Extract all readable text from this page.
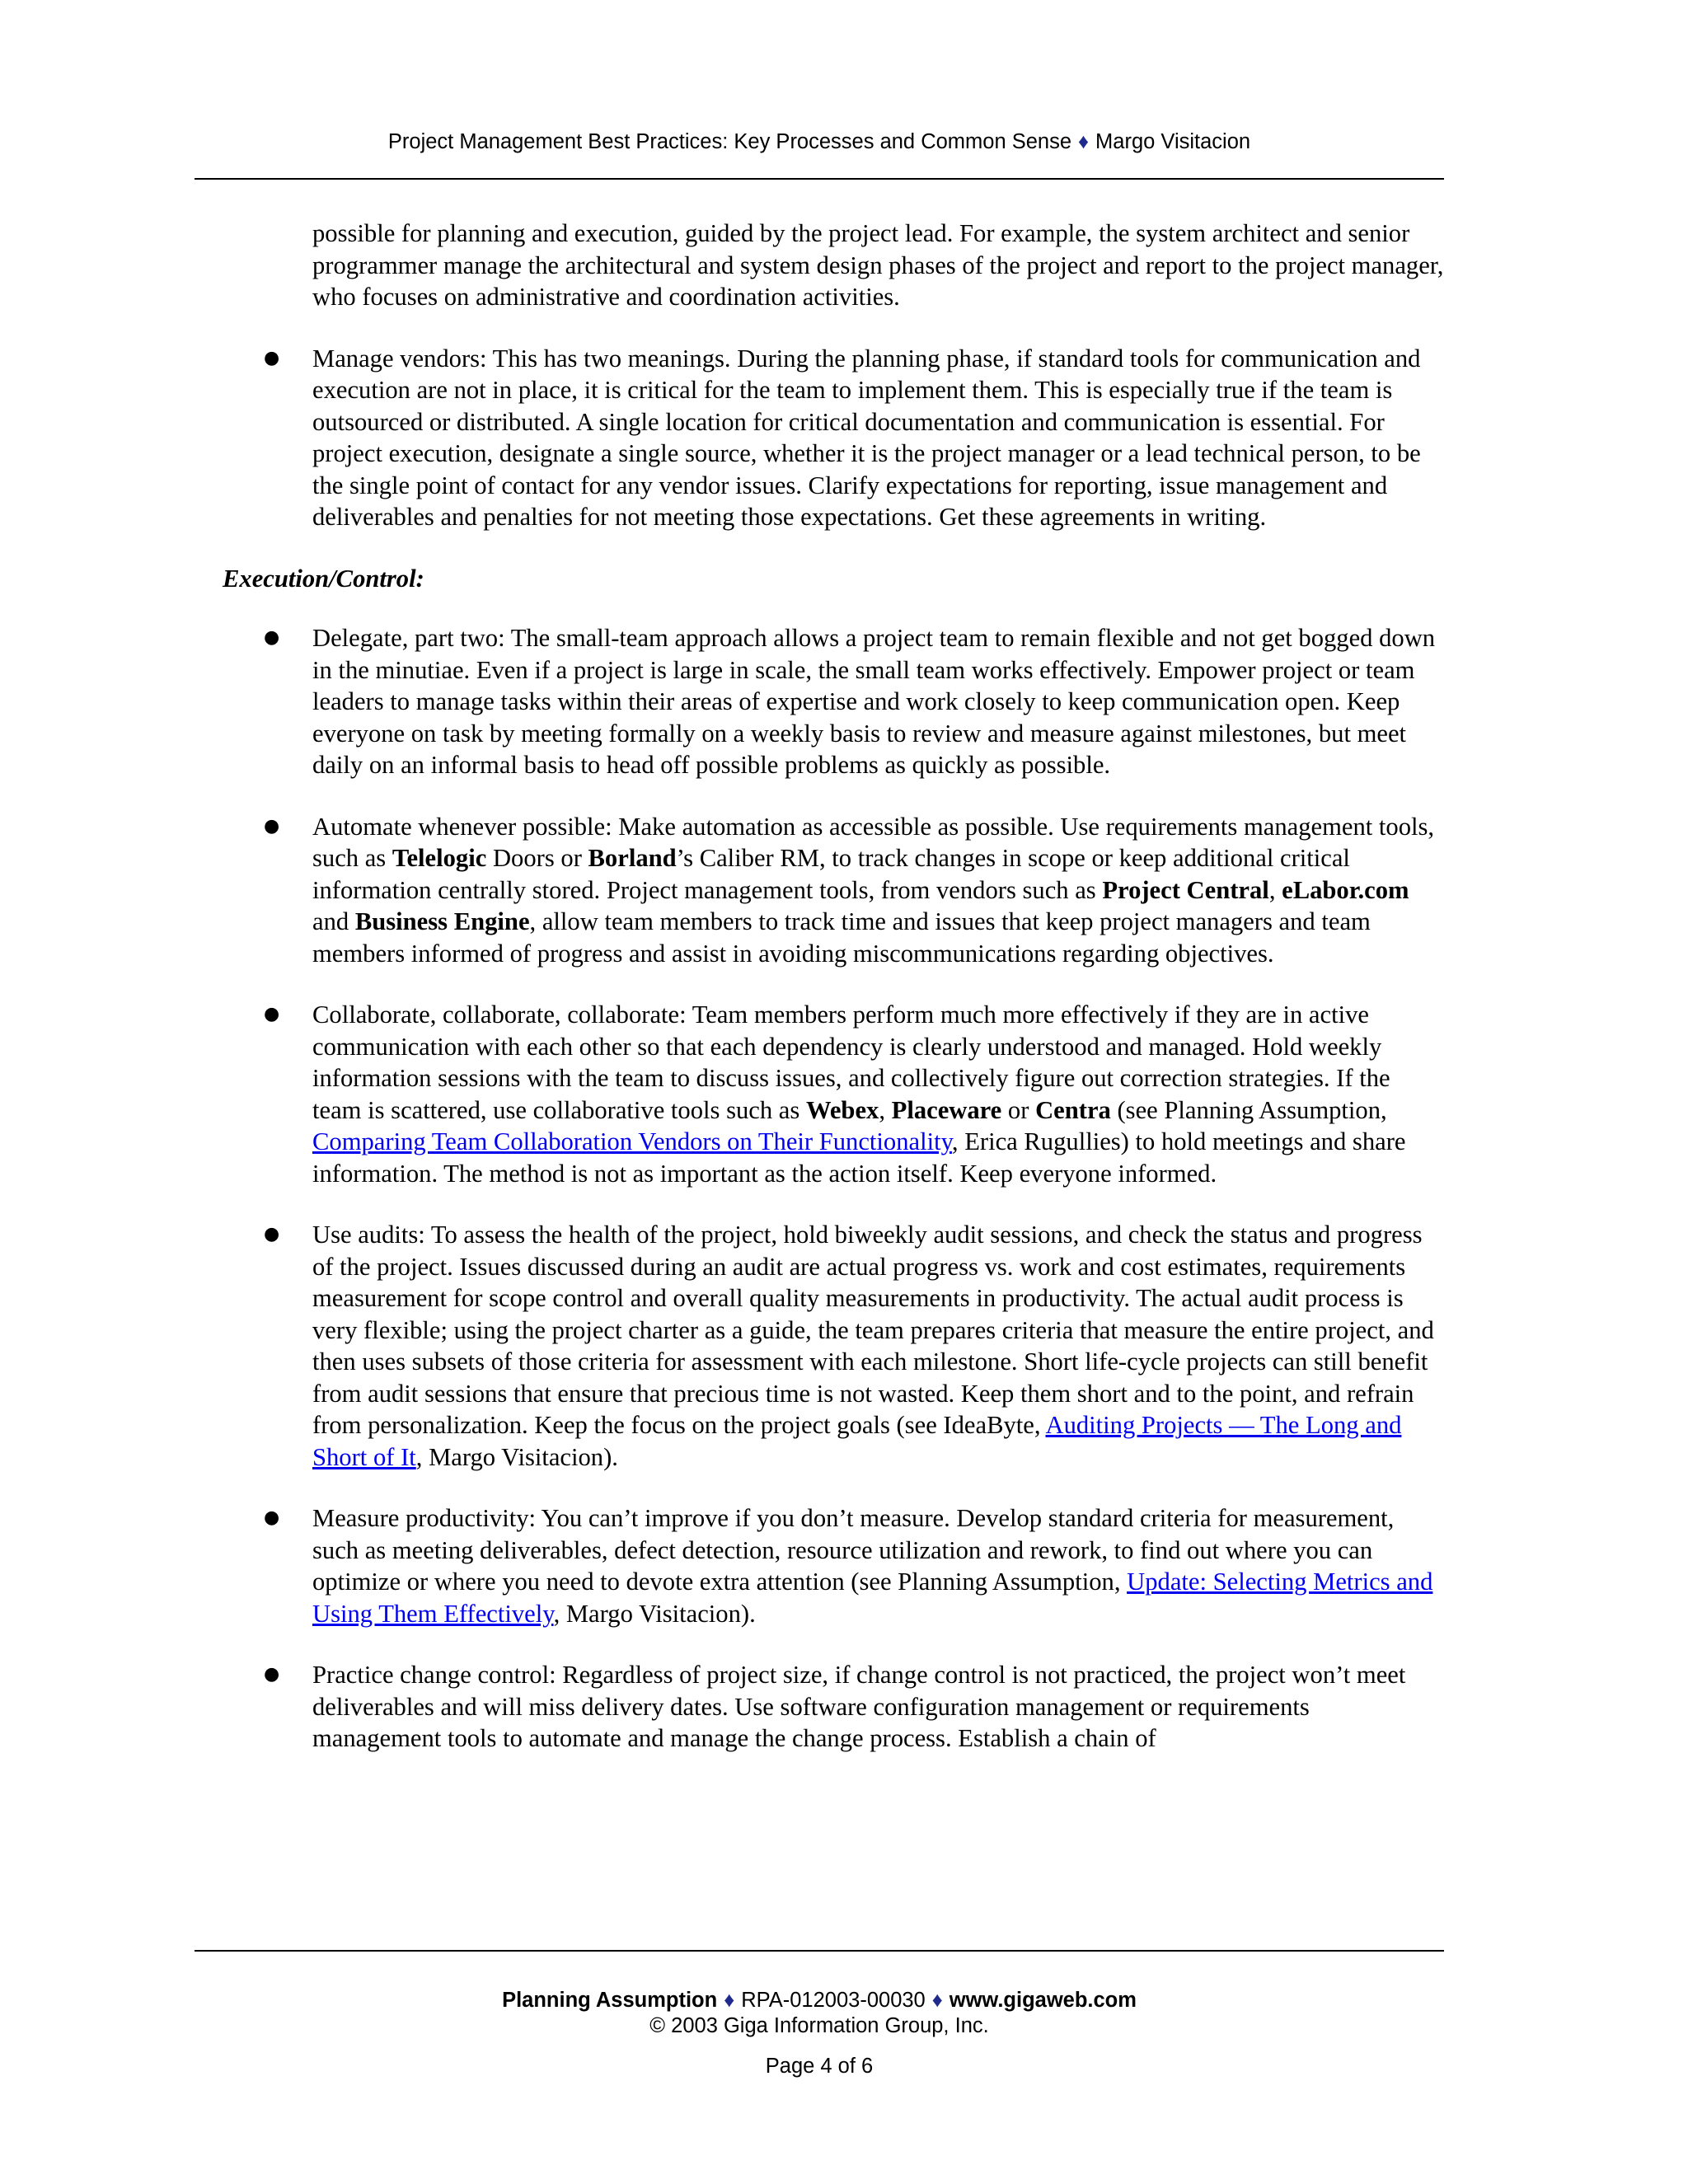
Project Management Best Practices: Key Processes and Common Sense ♦ Margo Visitacion

possible for planning and execution, guided by the project lead. For example, the system architect and senior programmer manage the architectural and system design phases of the project and report to the project manager, who focuses on administrative and coordination activities.

● Manage vendors: This has two meanings. During the planning phase, if standard tools for communication and execution are not in place, it is critical for the team to implement them. This is especially true if the team is outsourced or distributed. A single location for critical documentation and communication is essential. For project execution, designate a single source, whether it is the project manager or a lead technical person, to be the single point of contact for any vendor issues. Clarify expectations for reporting, issue management and deliverables and penalties for not meeting those expectations. Get these agreements in writing.
Execution/Control:
● Delegate, part two: The small-team approach allows a project team to remain flexible and not get bogged down in the minutiae. Even if a project is large in scale, the small team works effectively. Empower project or team leaders to manage tasks within their areas of expertise and work closely to keep communication open. Keep everyone on task by meeting formally on a weekly basis to review and measure against milestones, but meet daily on an informal basis to head off possible problems as quickly as possible.
● Automate whenever possible: Make automation as accessible as possible. Use requirements management tools, such as Telelogic Doors or Borland’s Caliber RM, to track changes in scope or keep additional critical information centrally stored. Project management tools, from vendors such as Project Central, eLabor.com and Business Engine, allow team members to track time and issues that keep project managers and team members informed of progress and assist in avoiding miscommunications regarding objectives.
● Collaborate, collaborate, collaborate: Team members perform much more effectively if they are in active communication with each other so that each dependency is clearly understood and managed. Hold weekly information sessions with the team to discuss issues, and collectively figure out correction strategies. If the team is scattered, use collaborative tools such as Webex, Placeware or Centra (see Planning Assumption, Comparing Team Collaboration Vendors on Their Functionality, Erica Rugullies) to hold meetings and share information. The method is not as important as the action itself. Keep everyone informed.
● Use audits: To assess the health of the project, hold biweekly audit sessions, and check the status and progress of the project. Issues discussed during an audit are actual progress vs. work and cost estimates, requirements measurement for scope control and overall quality measurements in productivity. The actual audit process is very flexible; using the project charter as a guide, the team prepares criteria that measure the entire project, and then uses subsets of those criteria for assessment with each milestone. Short life-cycle projects can still benefit from audit sessions that ensure that precious time is not wasted. Keep them short and to the point, and refrain from personalization. Keep the focus on the project goals (see IdeaByte, Auditing Projects — The Long and Short of It, Margo Visitacion).
● Measure productivity: You can’t improve if you don’t measure. Develop standard criteria for measurement, such as meeting deliverables, defect detection, resource utilization and rework, to find out where you can optimize or where you need to devote extra attention (see Planning Assumption, Update: Selecting Metrics and Using Them Effectively, Margo Visitacion).
● Practice change control: Regardless of project size, if change control is not practiced, the project won’t meet deliverables and will miss delivery dates. Use software configuration management or requirements management tools to automate and manage the change process. Establish a chain of
Planning Assumption ♦ RPA-012003-00030 ♦ www.gigaweb.com
© 2003 Giga Information Group, Inc.
Page 4 of 6
